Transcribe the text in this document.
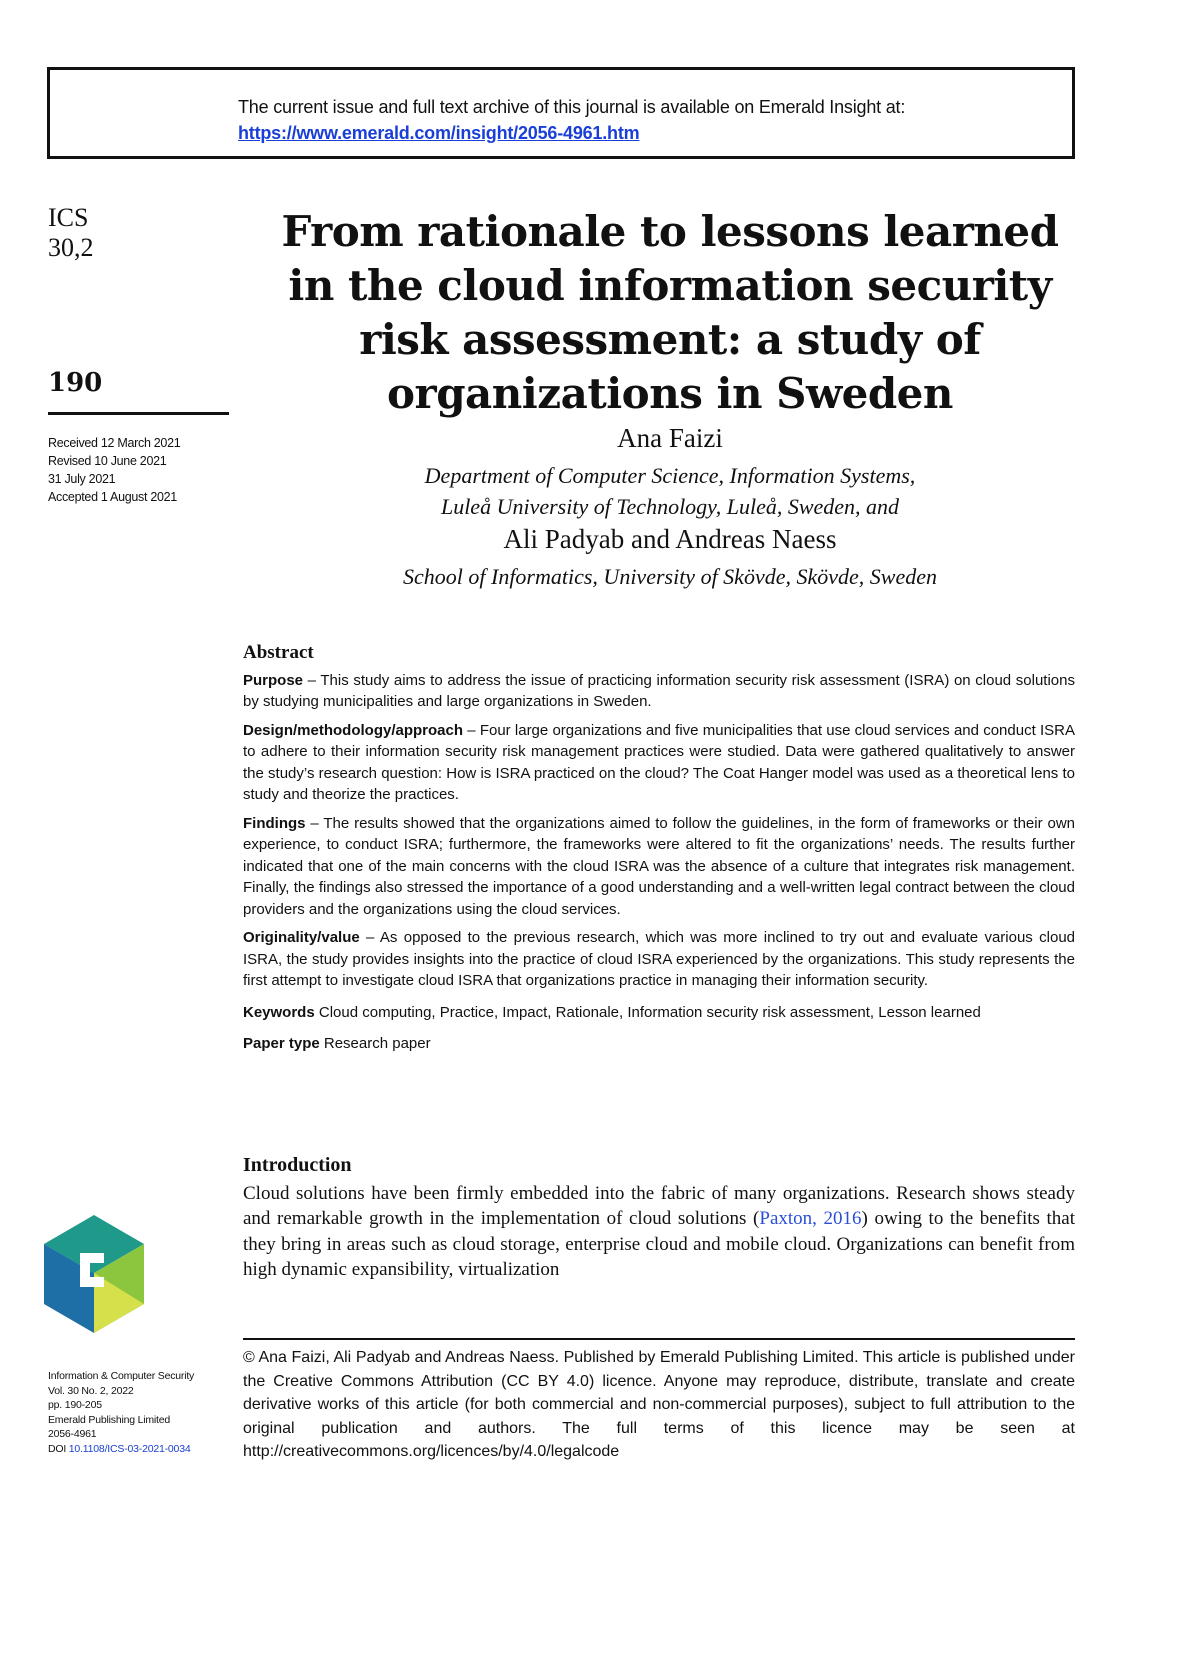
The current issue and full text archive of this journal is available on Emerald Insight at:
https://www.emerald.com/insight/2056-4961.htm
ICS
30,2
190
Received 12 March 2021
Revised 10 June 2021
31 July 2021
Accepted 1 August 2021
From rationale to lessons learned
in the cloud information security
risk assessment: a study of
organizations in Sweden
Ana Faizi
Department of Computer Science, Information Systems,
Luleå University of Technology, Luleå, Sweden, and
Ali Padyab and Andreas Naess
School of Informatics, University of Skövde, Skövde, Sweden
Abstract

Purpose – This study aims to address the issue of practicing information security risk assessment (ISRA) on cloud solutions by studying municipalities and large organizations in Sweden.

Design/methodology/approach – Four large organizations and five municipalities that use cloud services and conduct ISRA to adhere to their information security risk management practices were studied. Data were gathered qualitatively to answer the study’s research question: How is ISRA practiced on the cloud? The Coat Hanger model was used as a theoretical lens to study and theorize the practices.

Findings – The results showed that the organizations aimed to follow the guidelines, in the form of frameworks or their own experience, to conduct ISRA; furthermore, the frameworks were altered to fit the organizations’ needs. The results further indicated that one of the main concerns with the cloud ISRA was the absence of a culture that integrates risk management. Finally, the findings also stressed the importance of a good understanding and a well-written legal contract between the cloud providers and the organizations using the cloud services.

Originality/value – As opposed to the previous research, which was more inclined to try out and evaluate various cloud ISRA, the study provides insights into the practice of cloud ISRA experienced by the organizations. This study represents the first attempt to investigate cloud ISRA that organizations practice in managing their information security.

Keywords Cloud computing, Practice, Impact, Rationale, Information security risk assessment, Lesson learned

Paper type Research paper

Introduction

Cloud solutions have been firmly embedded into the fabric of many organizations. Research shows steady and remarkable growth in the implementation of cloud solutions (Paxton, 2016) owing to the benefits that they bring in areas such as cloud storage, enterprise cloud and mobile cloud. Organizations can benefit from high dynamic expansibility, virtualization

© Ana Faizi, Ali Padyab and Andreas Naess. Published by Emerald Publishing Limited. This article is published under the Creative Commons Attribution (CC BY 4.0) licence. Anyone may reproduce, distribute, translate and create derivative works of this article (for both commercial and non-commercial purposes), subject to full attribution to the original publication and authors. The full terms of this licence may be seen at http://creativecommons.org/licences/by/4.0/legalcode
Information & Computer Security
Vol. 30 No. 2, 2022
pp. 190-205
Emerald Publishing Limited
2056-4961
DOI 10.1108/ICS-03-2021-0034
